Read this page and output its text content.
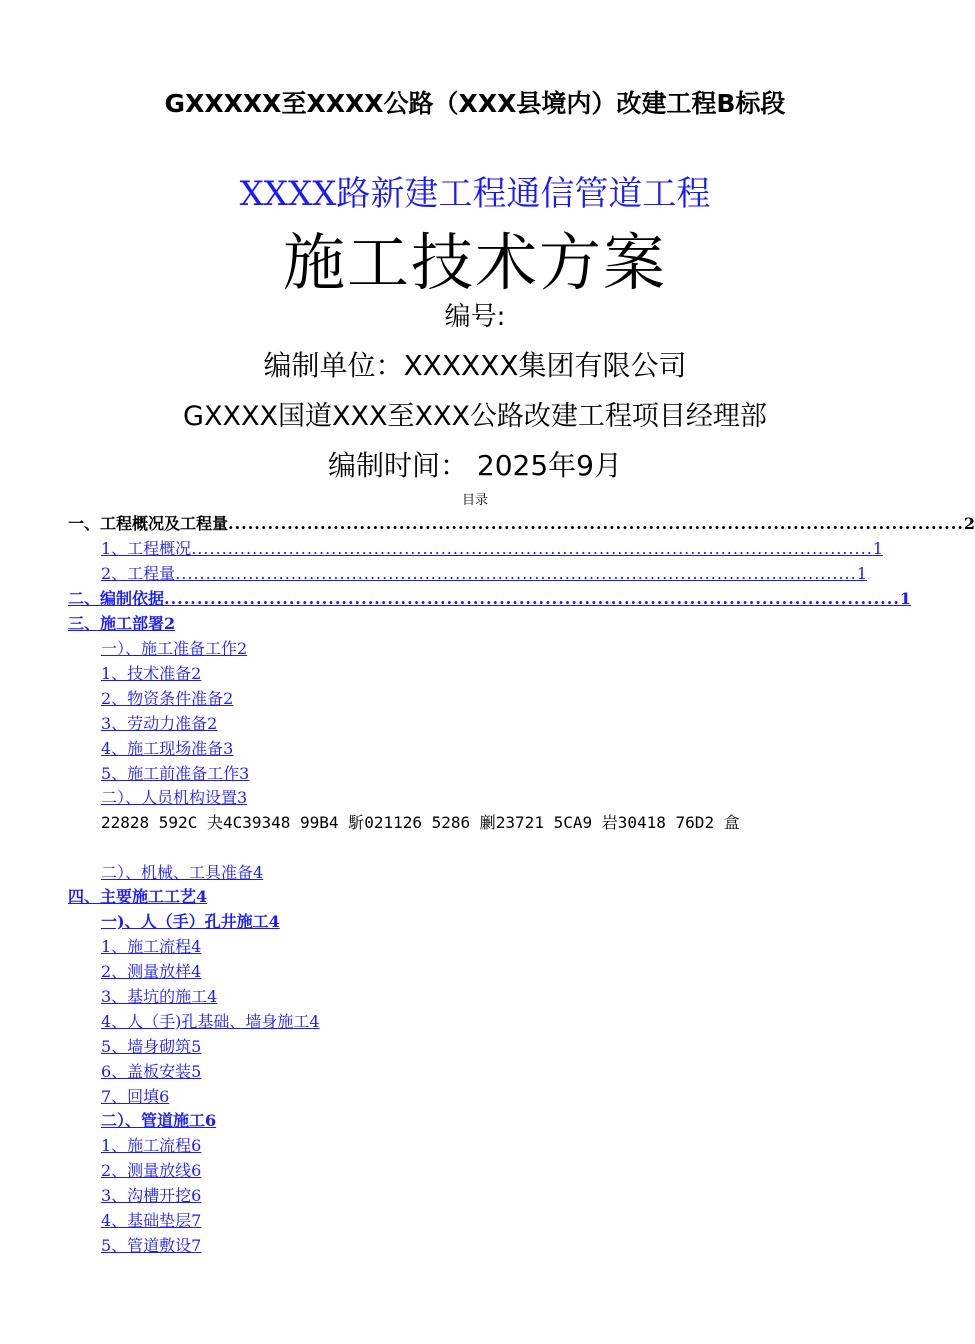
GXXXXX至XXXX公路（XXX县境内）改建工程B标段
XXXX路新建工程通信管道工程
施工技术方案
编号:
编制单位：XXXXXX集团有限公司
GXXXX国道XXX至XXX公路改建工程项目经理部
编制时间： 2025年9月
目录
一、工程概况及工程量 ................................................................................................................ 2
1、工程概况 ................................................................................................................ 1
2、工程量 ................................................................................................................ 1
二、编制依据 ................................................................................................................ 1
三、施工部署2
一）、施工准备工作2
1、技术准备2
2、物资条件准备2
3、劳动力准备2
4、施工现场准备3
5、施工前准备工作3
二）、人员机构设置3
22828 592C 夬4C39348 99B4 馸021126 5286 劆23721 5CA9 岩30418 76D2 盒
二）、机械、工具准备4
四、主要施工工艺4
一)、人（手）孔井施工4
1、施工流程4
2、测量放样4
3、基坑的施工4
4、人（手)孔基础、墙身施工4
5、墙身砌筑5
6、盖板安装5
7、回填6
二）、管道施工6
1、施工流程6
2、测量放线6
3、沟槽开挖6
4、基础垫层7
5、管道敷设7
